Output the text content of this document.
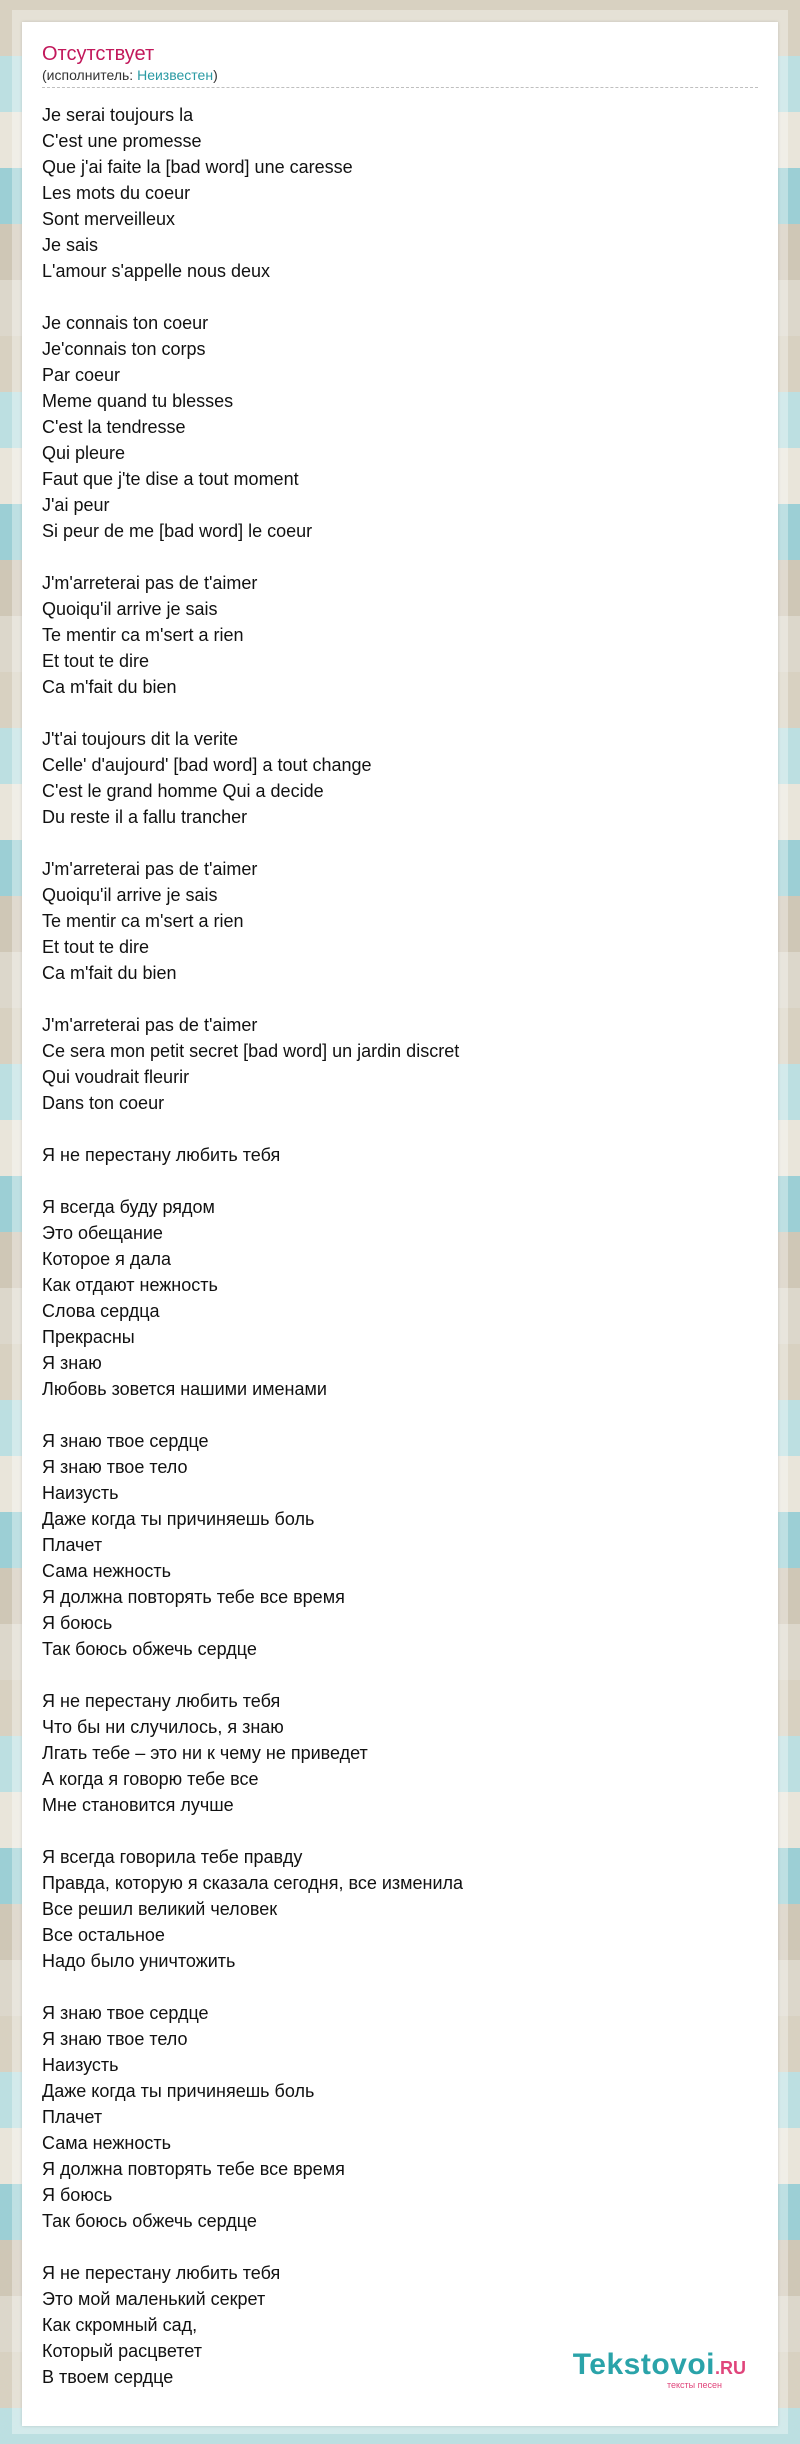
Отсутствует
(исполнитель: Неизвестен)
Je serai toujours la
C'est une promesse
Que j'ai faite la [bad word] une caresse
Les mots du coeur
Sont merveilleux
Je sais
L'amour s'appelle nous deux

Je connais ton coeur
Je'connais ton corps
Par coeur
Meme quand tu blesses
C'est la tendresse
Qui pleure
Faut que j'te dise a tout moment
J'ai peur
Si peur de me [bad word] le coeur

J'm'arreterai pas de t'aimer
Quoiqu'il arrive je sais
Te mentir ca m'sert a rien
Et tout te dire
Ca m'fait du bien

J't'ai toujours dit la verite
Celle' d'aujourd' [bad word] a tout change
C'est le grand homme Qui a decide
Du reste il a fallu trancher

J'm'arreterai pas de t'aimer
Quoiqu'il arrive je sais
Te mentir ca m'sert a rien
Et tout te dire
Ca m'fait du bien

J'm'arreterai pas de t'aimer
Ce sera mon petit secret [bad word] un jardin discret
Qui voudrait fleurir
Dans ton coeur

Я не перестану любить тебя

Я всегда буду рядом
Это обещание
Которое я дала
Как отдают нежность
Слова сердца
Прекрасны
Я знаю
Любовь зовется нашими именами

Я знаю твое сердце
Я знаю твое тело
Наизусть
Даже когда ты причиняешь боль
Плачет
Сама нежность
Я должна повторять тебе все время
Я боюсь
Так боюсь обжечь сердце

Я не перестану любить тебя
Что бы ни случилось, я знаю
Лгать тебе – это ни к чему не приведет
А когда я говорю тебе все
Мне становится лучше

Я всегда говорила тебе правду
Правда, которую я сказала сегодня, все изменила
Все решил великий человек
Все остальное
Надо было уничтожить

Я знаю твое сердце
Я знаю твое тело
Наизусть
Даже когда ты причиняешь боль
Плачет
Сама нежность
Я должна повторять тебе все время
Я боюсь
Так боюсь обжечь сердце

Я не перестану любить тебя
Это мой маленький секрет
Как скромный сад,
Который расцветет
В твоем сердце	Tekstovoi.RU
тексты песен
